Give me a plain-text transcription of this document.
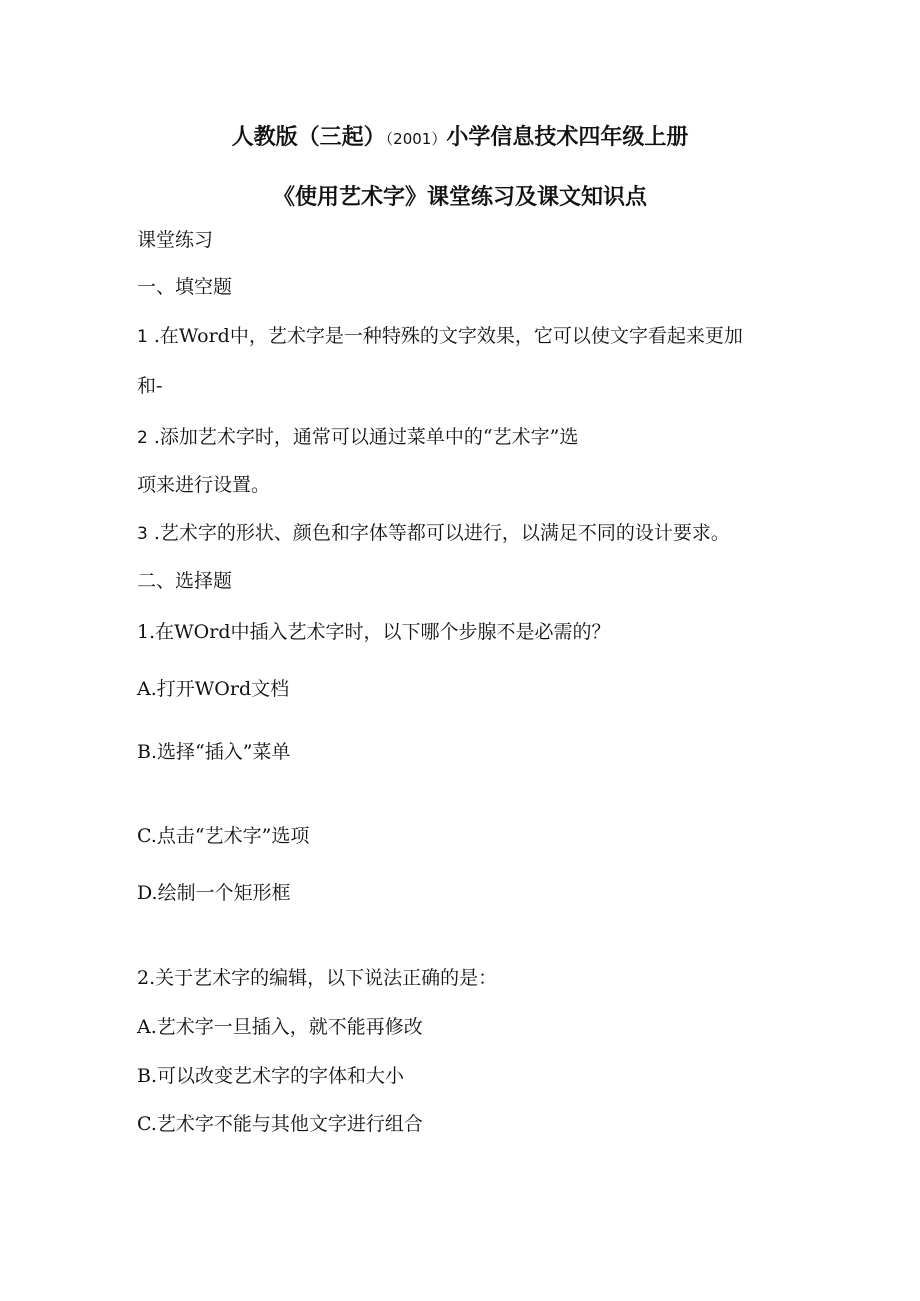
人教版（三起）（2001）小学信息技术四年级上册
《使用艺术字》课堂练习及课文知识点
课堂练习
一、填空题
1 .在Word中，艺术字是一种特殊的文字效果，它可以使文字看起来更加
和-
2 .添加艺术字时，通常可以通过菜单中的“艺术字”选
项来进行设置。
3 .艺术字的形状、颜色和字体等都可以进行，以满足不同的设计要求。
二、选择题
1.在WOrd中插入艺术字时，以下哪个步腺不是必需的？
A.打开WOrd文档
B.选择“插入”菜单
C.点击“艺术字”选项
D.绘制一个矩形框
2.关于艺术字的编辑，以下说法正确的是：
A.艺术字一旦插入，就不能再修改
B.可以改变艺术字的字体和大小
C.艺术字不能与其他文字进行组合
